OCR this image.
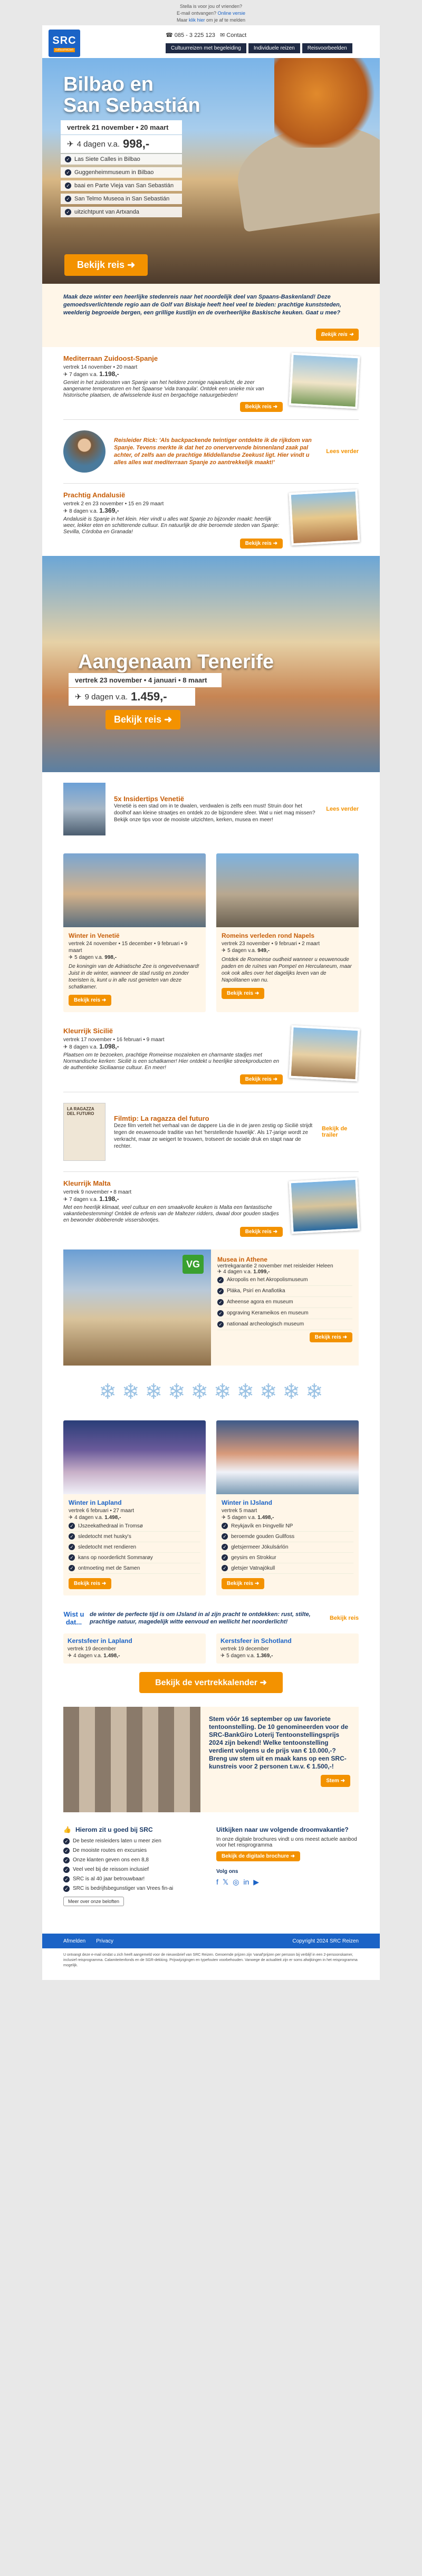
Stella is voor jou of vrienden?
E-mail ontvangen? Online versie
Maar klik hier om je af te melden
SRC
cultuurreizen
☎ 085 - 3 225 123   ✉ Contact
Cultuurreizen met begeleiding	Individuele reizen	Reisvoorbeelden
Bilbao en
San Sebastián
vertrek 21 november • 20 maart
✈ 4 dagen v.a. 998,-
✓ Las Siete Calles in Bilbao
✓ Guggenheimmuseum in Bilbao
✓ baai en Parte Vieja van San Sebastián
✓ San Telmo Museoa in San Sebastián
✓ uitzichtpunt van Artxanda
Bekijk reis ➜

Maak deze winter een heerlijke stedenreis naar het noordelijk deel van Spaans-Baskenland! Deze gemoedsverlichtende regio aan de Golf van Biskaje heeft heel veel te bieden: prachtige kunststeden, weelderig begroeide bergen, een grillige kustlijn en de overheerlijke Baskische keuken. Gaat u mee?

Bekijk reis ➜
Mediterraan Zuidoost-Spanje
vertrek 14 november • 20 maart
✈ 7 dagen v.a. 1.198,-

Geniet in het zuidoosten van Spanje van het heldere zonnige najaarslicht, de zeer aangename temperaturen en het Spaanse 'vida tranquila'. Ontdek een unieke mix van historische plaatsen, de afwisselende kust en bergachtige natuurgebieden!

Bekijk reis ➜

Reisleider Rick: 'Als backpackende twintiger ontdekte ik de rijkdom van Spanje. Tevens merkte ik dat het zo onervervende binnenland zaak pal achter, of zelfs aan de prachtige Middellandse Zeekust ligt. Hier vindt u alles alles wat mediterraan Spanje zo aantrekkelijk maakt!'

Lees verder
Prachtig Andalusië
vertrek 2 en 23 november • 15 en 29 maart
✈ 8 dagen v.a. 1.369,-

Andalusië is Spanje in het klein. Hier vindt u alles wat Spanje zo bijzonder maakt: heerlijk weer, lekker eten en schitterende cultuur. En natuurlijk de drie beroemde steden van Spanje: Sevilla, Córdoba en Granada!

Bekijk reis ➜
Aangenaam Tenerife
vertrek 23 november • 4 januari • 8 maart
✈ 9 dagen v.a. 1.459,-
Bekijk reis ➜
5x Insidertips Venetië

Venetië is een stad om in te dwalen, verdwalen is zelfs een must! Struin door het doolhof aan kleine straatjes en ontdek zo de bijzondere sfeer. Wat u niet mag missen? Bekijk onze tips voor de mooiste uitzichten, kerken, musea en meer!

Lees verder
Winter in Venetië
vertrek 24 november • 15 december • 9 februari • 9 maart
✈ 5 dagen v.a. 998,-

De koningin van de Adriatische Zee is ongeveëvenaard! Juist in de winter, wanneer de stad rustig en zonder toeristen is, kunt u in alle rust genieten van deze schatkamer.

Bekijk reis ➜
Romeins verleden rond Napels
vertrek 23 november • 9 februari • 2 maart
✈ 5 dagen v.a. 949,-

Ontdek de Romeinse oudheid wanneer u eeuwenoude paden en de ruïnes van Pompeï en Herculaneum, maar ook ook alles over het dagelijks leven van de Napolitanen van nu.

Bekijk reis ➜
Kleurrijk Sicilië
vertrek 17 november • 16 februari • 9 maart
✈ 8 dagen v.a. 1.098,-

Plaatsen om te bezoeken, prachtige Romeinse mozaïeken en charmante stadjes met Normandische kerken: Sicilië is een schatkamer! Hier ontdekt u heerlijke streekproducten en de authentieke Siciliaanse cultuur. En meer!

Bekijk reis ➜
LA RAGAZZA DEL FUTURO
Filmtip: La ragazza del futuro

Deze film vertelt het verhaal van de dappere Lia die in de jaren zestig op Sicilië strijdt tegen de eeuwenoude traditie van het 'herstellende huwelijk'. Als 17-jarige wordt ze verkracht, maar ze weigert te trouwen, trotseert de sociale druk en stapt naar de rechter.

Bekijk de trailer
Kleurrijk Malta
vertrek 9 november • 8 maart
✈ 7 dagen v.a. 1.198,-

Met een heerlijk klimaat, veel cultuur en een smaakvolle keuken is Malta een fantastische vakantiebestemming! Ontdek de erfenis van de Maltezer ridders, dwaal door gouden stadjes en bewonder dobberende vissersbootjes.

Bekijk reis ➜
VG	Musea in Athene
vertrekgarantie 2 november met reisleider Heleen
✈ 4 dagen v.a. 1.099,-
✓ Akropolis en het Akropolismuseum
✓ Pláka, Psirí en Anafiotika
✓ Atheense agora en museum
✓ opgraving Kerameikos en museum
✓ nationaal archeologisch museum
Bekijk reis ➜
❄ ❄ ❄ ❄ ❄ ❄ ❄ ❄ ❄ ❄
Winter in Lapland
vertrek 6 februari • 27 maart
✈ 4 dagen v.a. 1.498,-
✓ IJszeekathedraal in Tromsø
✓ sledetocht met husky's
✓ sledetocht met rendieren
✓ kans op noorderlicht Sommarøy
✓ ontmoeting met de Samen
Bekijk reis ➜
Winter in IJsland
vertrek 5 maart
✈ 5 dagen v.a. 1.498,-
✓ Reykjavík en Þingvellir NP
✓ beroemde gouden Gullfoss
✓ gletsjermeer Jökulsárlón
✓ geysirs en Strokkur
✓ gletsjer Vatnajökull
Bekijk reis ➜
Wist u dat...

de winter de perfecte tijd is om IJsland in al zijn pracht te ontdekken: rust, stilte, prachtige natuur, magedelijk witte eenvoud en wellicht het noorderlicht!

Bekijk reis
Kerstsfeer in Lapland
vertrek 19 december
✈ 4 dagen v.a. 1.498,-
Kerstsfeer in Schotland
vertrek 19 december
✈ 5 dagen v.a. 1.369,-
Bekijk de vertrekkalender ➜

Stem vóór 16 september op uw favoriete tentoonstelling. De 10 genomineerden voor de SRC-BankGiro Loterij Tentoonstellingsprijs 2024 zijn bekend! Welke tentoonstelling verdient volgens u de prijs van € 10.000,-? Breng uw stem uit en maak kans op een SRC-kunstreis voor 2 personen t.w.v. € 1.500,-!

Stem ➜
👍 Hierom zit u goed bij SRC
✓ De beste reisleiders laten u meer zien
✓ De mooiste routes en excursies
✓ Onze klanten geven ons een 8,8
✓ Veel veel bij de reissom inclusief
✓ SRC is al 40 jaar betrouwbaar!
✓ SRC is bedrijfsbegunstiger van Vrees fin-ai
Meer over onze beloften
Uitkijken naar uw volgende droomvakantie?

In onze digitale brochures vindt u ons meest actuele aanbod voor het reisprogramma

Bekijk de digitale brochure ➜
Volg ons
f 𝕏 ◎ in ▶
Afmelden Privacy	Copyright 2024 SRC Reizen
U ontvangt deze e-mail omdat u zich heeft aangemeld voor de nieuwsbrief van SRC Reizen. Genoemde prijzen zijn 'vanaf'prijzen per persoon bij verblijf in een 2-persoonskamer, inclusief reisprogramma. Calamiteitenfonds en de SGR-dekking. Prijswijzigingen en typefouten voorbehouden. Vanwege de actualiteit zijn er soms afwijkingen in het reisprogramma mogelijk.
